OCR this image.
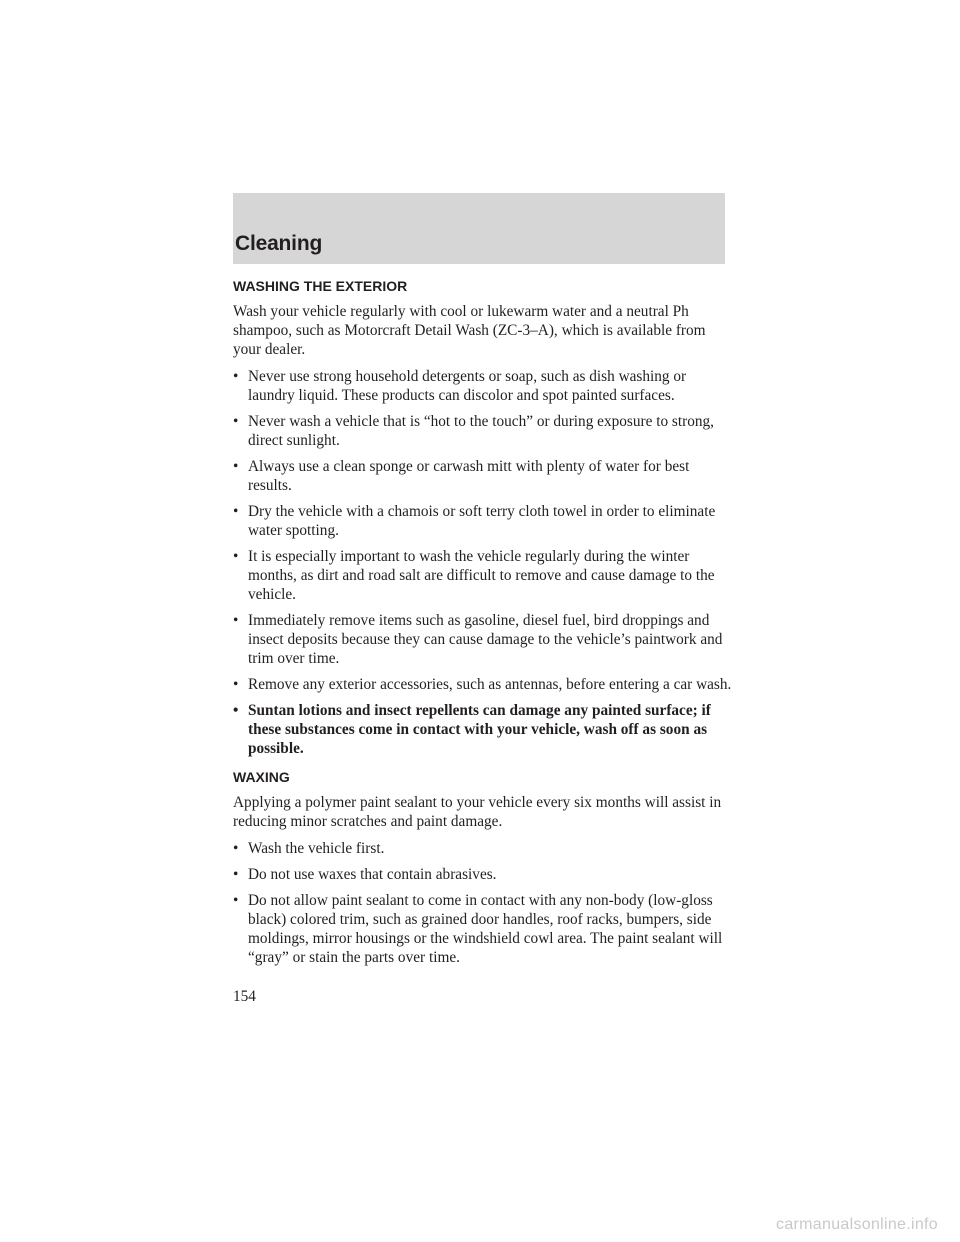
Cleaning
WASHING THE EXTERIOR

Wash your vehicle regularly with cool or lukewarm water and a neutral Ph shampoo, such as Motorcraft Detail Wash (ZC-3–A), which is available from your dealer.

• Never use strong household detergents or soap, such as dish washing or laundry liquid. These products can discolor and spot painted surfaces.
• Never wash a vehicle that is “hot to the touch” or during exposure to strong, direct sunlight.
• Always use a clean sponge or carwash mitt with plenty of water for best results.
• Dry the vehicle with a chamois or soft terry cloth towel in order to eliminate water spotting.
• It is especially important to wash the vehicle regularly during the winter months, as dirt and road salt are difficult to remove and cause damage to the vehicle.
• Immediately remove items such as gasoline, diesel fuel, bird droppings and insect deposits because they can cause damage to the vehicle’s paintwork and trim over time.
• Remove any exterior accessories, such as antennas, before entering a car wash.
• Suntan lotions and insect repellents can damage any painted surface; if these substances come in contact with your vehicle, wash off as soon as possible.
WAXING

Applying a polymer paint sealant to your vehicle every six months will assist in reducing minor scratches and paint damage.

• Wash the vehicle first.
• Do not use waxes that contain abrasives.
• Do not allow paint sealant to come in contact with any non-body (low-gloss black) colored trim, such as grained door handles, roof racks, bumpers, side moldings, mirror housings or the windshield cowl area. The paint sealant will “gray” or stain the parts over time.
154
carmanualsonline.info
